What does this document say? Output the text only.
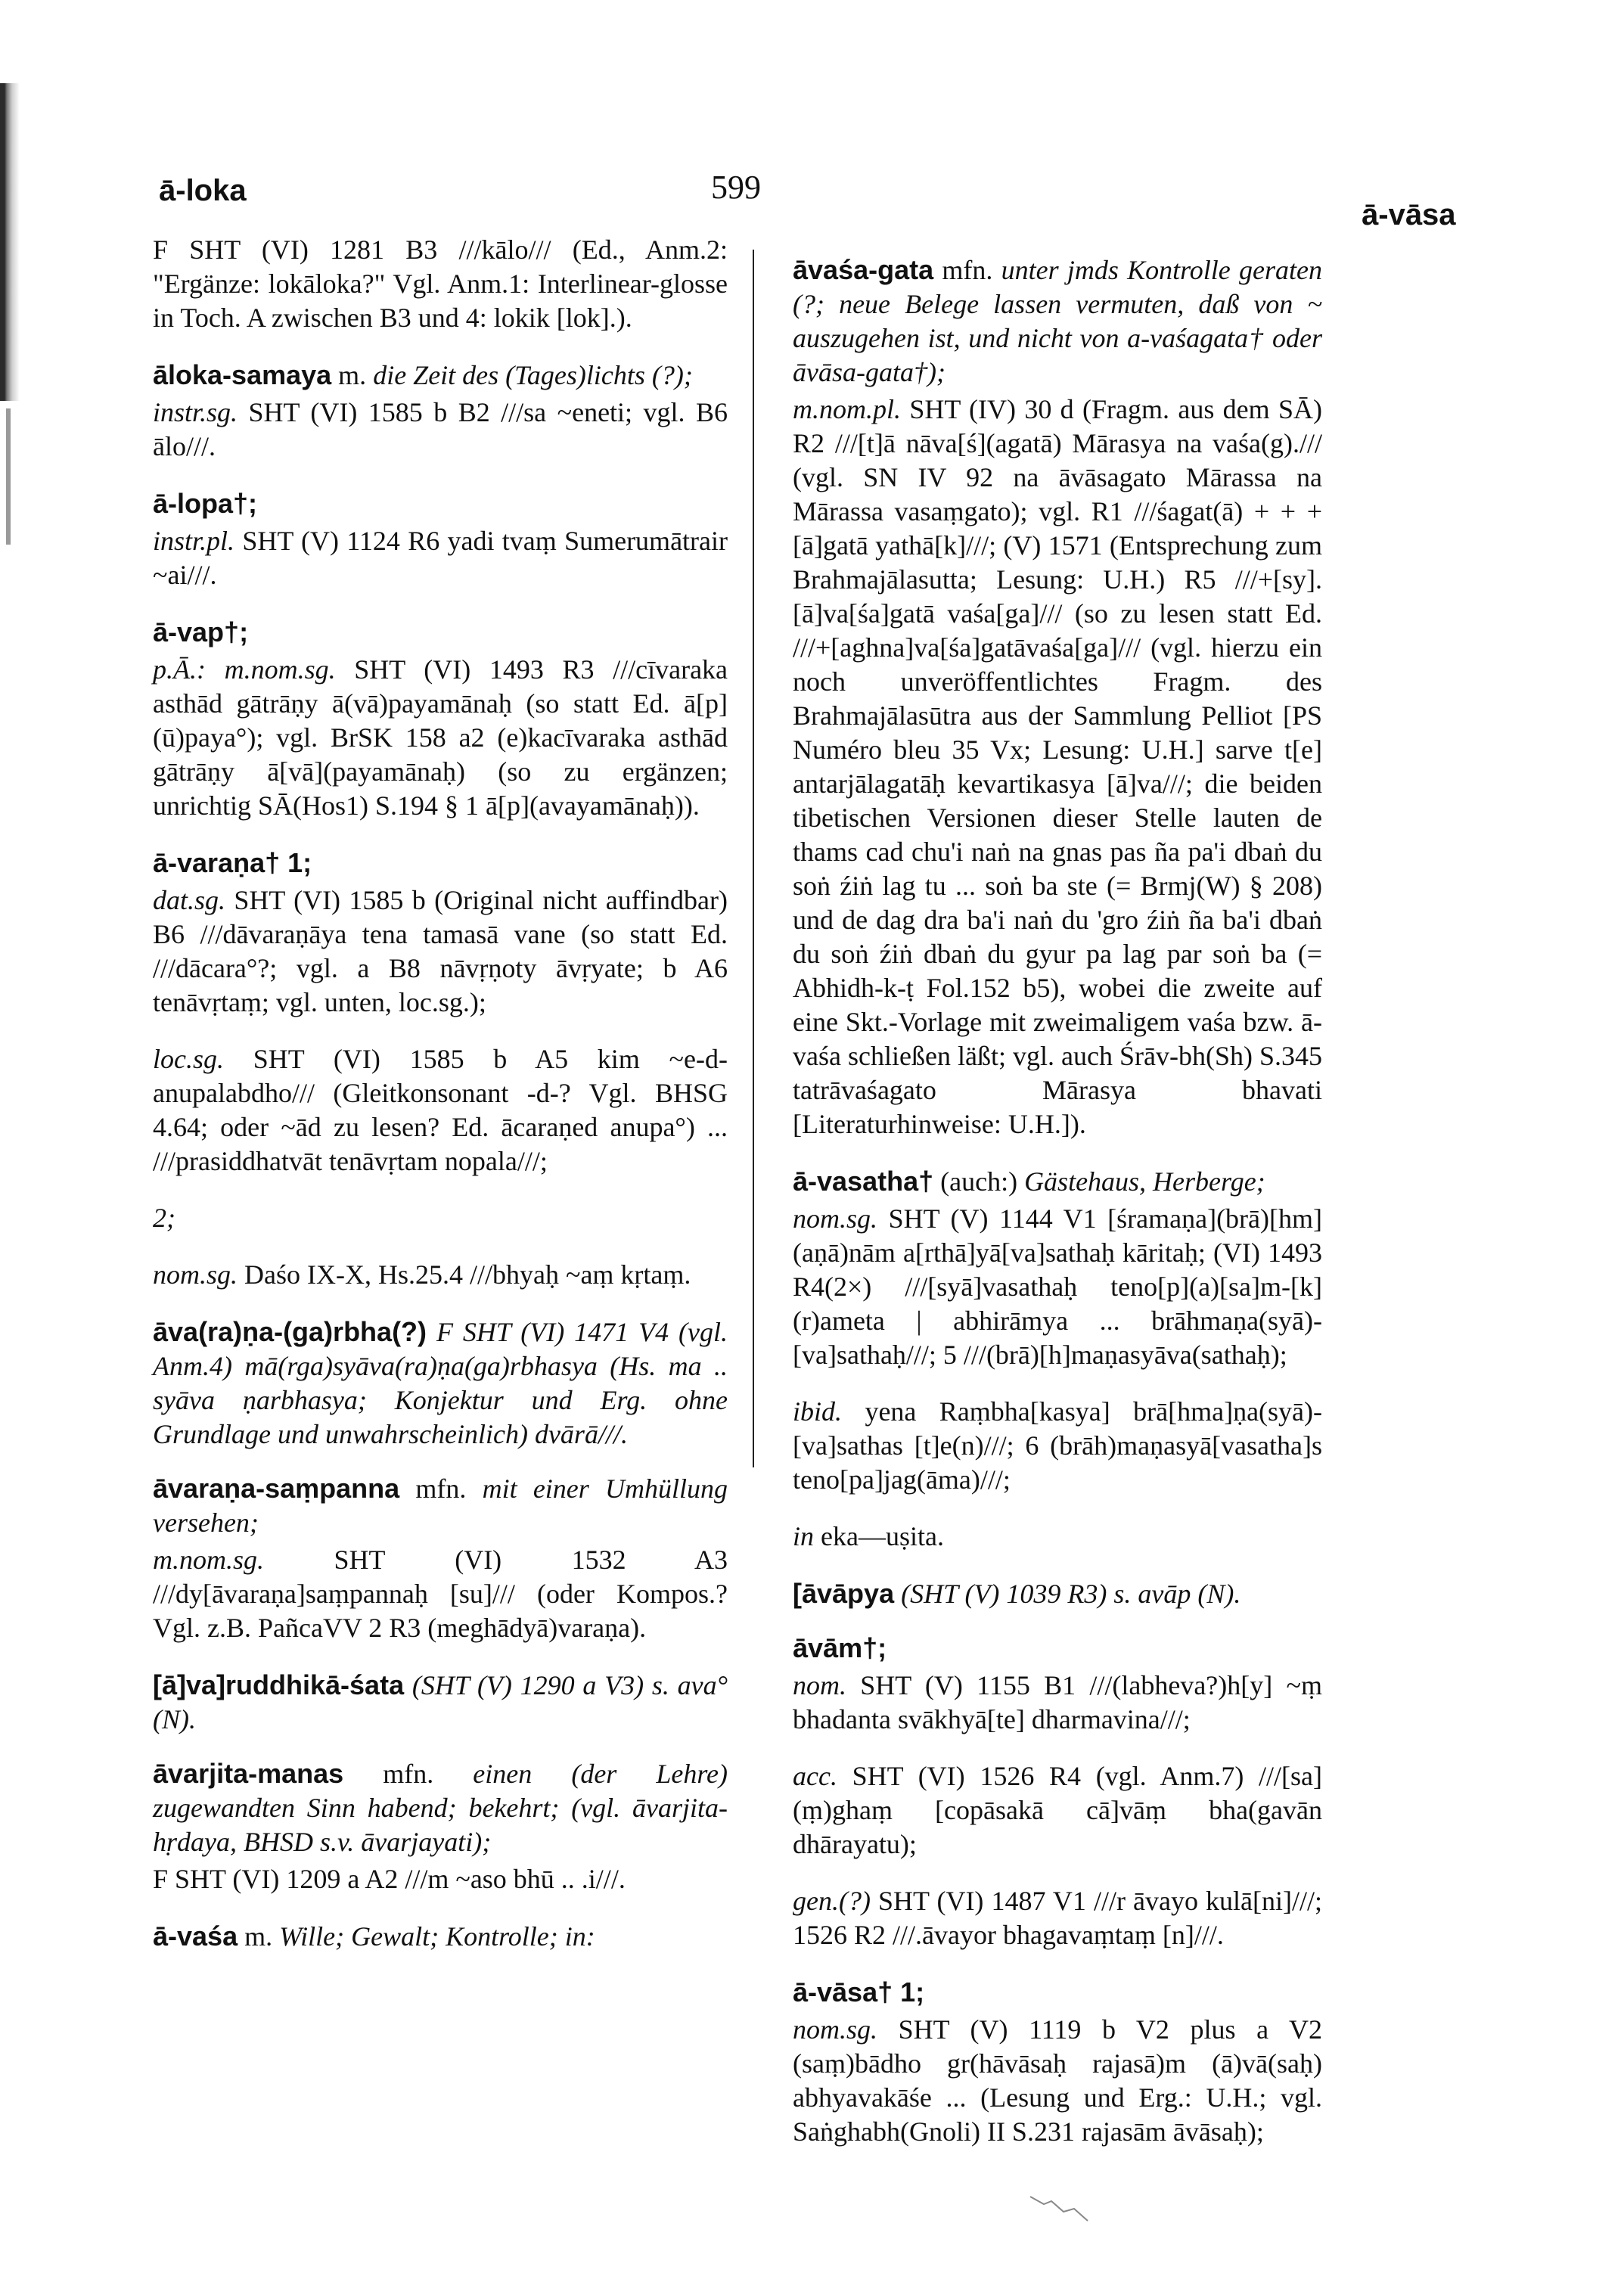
ā-loka	599
ā-vāsa
F SHT (VI) 1281 B3 ///kālo/// (Ed., Anm.2: "Ergänze: lokāloka?" Vgl. Anm.1: Interlinear-glosse in Toch. A zwischen B3 und 4: lokik [lok].).
āloka-samaya m. die Zeit des (Tages)lichts (?);
instr.sg. SHT (VI) 1585 b B2 ///sa ~eneti; vgl. B6 ālo///.
ā-lopa†;
instr.pl. SHT (V) 1124 R6 yadi tvaṃ Sumerumātrair ~ai///.
ā-vap†;
p.Ā.: m.nom.sg. SHT (VI) 1493 R3 ///cīvaraka asthād gātrāṇy ā(vā)payamānaḥ (so statt Ed. ā[p](ū)paya°); vgl. BrSK 158 a2 (e)kacīvaraka asthād gātrāṇy ā[vā](payamānaḥ) (so zu ergänzen; unrichtig SĀ(Hos1) S.194 § 1 ā[p](avayamānaḥ)).
ā-varaṇa† 1;
dat.sg. SHT (VI) 1585 b (Original nicht auffindbar) B6 ///dāvaraṇāya tena tamasā vane (so statt Ed. ///dācara°?; vgl. a B8 nāvṛṇoty āvṛyate; b A6 tenāvṛtaṃ; vgl. unten, loc.sg.);
loc.sg. SHT (VI) 1585 b A5 kim ~e-d-anupalabdho/// (Gleitkonsonant -d-? Vgl. BHSG 4.64; oder ~ād zu lesen? Ed. ācaraṇed anupa°) ... ///prasiddhatvāt tenāvṛtam nopala///;
2;
nom.sg. Daśo IX-X, Hs.25.4 ///bhyaḥ ~aṃ kṛtaṃ.
āva(ra)ṇa-(ga)rbha(?) F SHT (VI) 1471 V4 (vgl. Anm.4) mā(rga)syāva(ra)ṇa(ga)rbhasya (Hs. ma .. syāva ṇarbhasya; Konjektur und Erg. ohne Grundlage und unwahrscheinlich) dvārā///.
āvaraṇa-saṃpanna mfn. mit einer Umhüllung versehen;
m.nom.sg.	SHT (VI) 1532 A3 ///dy[āvaraṇa]saṃpannaḥ [su]/// (oder Kompos.? Vgl. z.B. PañcaVV 2 R3 (meghādyā)varaṇa).
[ā]va]ruddhikā-śata (SHT (V) 1290 a V3) s. ava° (N).
āvarjita-manas mfn. einen (der Lehre) zugewandten Sinn habend; bekehrt; (vgl. āvarjita-hṛdaya, BHSD s.v. āvarjayati);
F SHT (VI) 1209 a A2 ///m ~aso bhū .. .i///.
ā-vaśa m. Wille; Gewalt; Kontrolle; in:
āvaśa-gata mfn. unter jmds Kontrolle geraten (?; neue Belege lassen vermuten, daß von ~ auszugehen ist, und nicht von a-vaśagata† oder āvāsa-gata†);
m.nom.pl. SHT (IV) 30 d (Fragm. aus dem SĀ) R2 ///[t]ā nāva[ś](agatā) Mārasya na vaśa(g)./// (vgl. SN IV 92 na āvāsagato Mārassa na Mārassa vasaṃgato); vgl. R1 ///śagat(ā) + + + [ā]gatā yathā[k]///; (V) 1571 (Entsprechung zum Brahmajālasutta; Lesung: U.H.) R5 ///+[sy]. [ā]va[śa]gatā vaśa[ga]/// (so zu lesen statt Ed. ///+[aghna]va[śa]gatāvaśa[ga]/// (vgl. hierzu ein noch unveröffentlichtes Fragm. des Brahmajālasūtra aus der Sammlung Pelliot [PS Numéro bleu 35 Vx; Lesung: U.H.] sarve t[e] antarjālagatāḥ kevartikasya [ā]va///; die beiden tibetischen Versionen dieser Stelle lauten de thams cad chu'i naṅ na gnas pas ña pa'i dbaṅ du soṅ źiṅ lag tu ... soṅ ba ste (= Brmj(W) § 208) und de dag dra ba'i naṅ du 'gro źiṅ ña ba'i dbaṅ du soṅ źiṅ dbaṅ du gyur pa lag par soṅ ba (= Abhidh-k-ṭ Fol.152 b5), wobei die zweite auf eine Skt.-Vorlage mit zweimaligem vaśa bzw. ā-vaśa schließen läßt; vgl. auch Śrāv-bh(Sh) S.345 tatrāvaśagato Mārasya bhavati [Literaturhinweise: U.H.]).
ā-vasatha† (auch:) Gästehaus, Herberge;
nom.sg. SHT (V) 1144 V1 [śramaṇa](brā)[hm](aṇā)nām a[rthā]yā[va]sathaḥ kāritaḥ; (VI) 1493 R4(2×) ///[syā]vasathaḥ teno[p](a)[sa]m-[k](r)ameta | abhirāmya ... brāhmaṇa(syā)-[va]sathaḥ///; 5 ///(brā)[h]maṇasyāva(sathaḥ);
ibid. yena Raṃbha[kasya] brā[hma]ṇa(syā)-[va]sathas [t]e(n)///; 6 (brāh)maṇasyā[vasatha]s teno[pa]jag(āma)///;
in eka—uṣita.
[āvāpya (SHT (V) 1039 R3) s. avāp (N).
āvām†;
nom. SHT (V) 1155 B1 ///(labheva?)h[y] ~ṃ bhadanta svākhyā[te] dharmavina///;
acc. SHT (VI) 1526 R4 (vgl. Anm.7) ///[sa](ṃ)ghaṃ [copāsakā cā]vāṃ bha(gavān dhārayatu);
gen.(?) SHT (VI) 1487 V1 ///r āvayo kulā[ni]///; 1526 R2 ///.āvayor bhagavaṃtaṃ [n]///.
ā-vāsa† 1;
nom.sg. SHT (V) 1119 b V2 plus a V2 (saṃ)bādho gr(hāvāsaḥ rajasā)m (ā)vā(saḥ) abhyavakāśe ... (Lesung und Erg.: U.H.; vgl. Saṅghabh(Gnoli) II S.231 rajasām āvāsaḥ);
